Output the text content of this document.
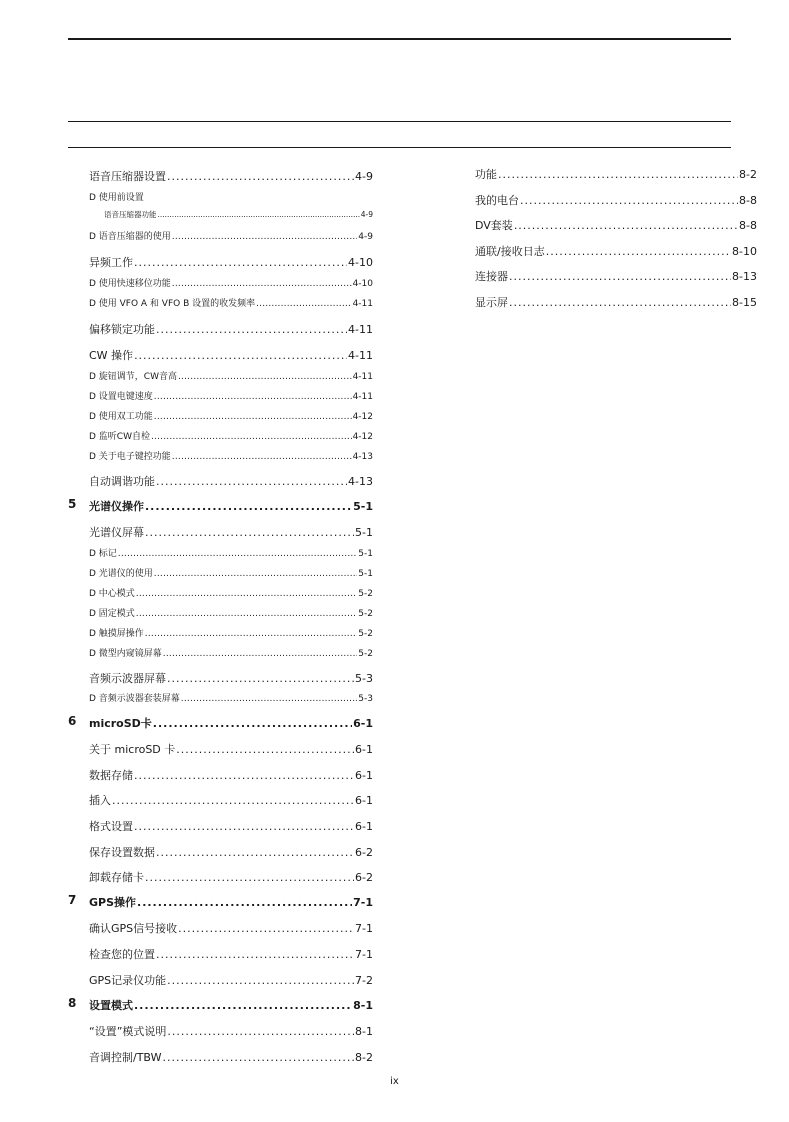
语音压缩器设置 .....	4-9
D 使用前设置
语音压缩器功能 .....	4-9
D 语音压缩器的使用 .....	4-9
异频工作 .....	4-10
D 使用快速移位功能 .....	4-10
D 使用 VFO A 和 VFO B 设置的收发频率 .....	4-11
偏移锁定功能 .....	4-11
CW 操作 .....	4-11
D 旋钮调节，CW音高 .....	4-11
D 设置电键速度 .....	4-11
D 使用双工功能 .....	4-12
D 监听CW自检 .....	4-12
D 关于电子键控功能 .....	4-13
自动调谐功能 .....	4-13
5 光谱仪操作 .....	5-1
光谱仪屏幕 .....	5-1
D 标记 .....	5-1
D 光谱仪的使用 .....	5-1
D 中心模式 .....	5-2
D 固定模式 .....	5-2
D 触摸屏操作 .....	5-2
D 微型内窥镜屏幕 .....	5-2
音频示波器屏幕 .....	5-3
D 音频示波器套装屏幕 .....	5-3
6 microSD卡 .....	6-1
关于 microSD 卡 .....	6-1
数据存储 .....	6-1
插入 .....	6-1
格式设置 .....	6-1
保存设置数据 .....	6-2
卸载存储卡 .....	6-2
7 GPS操作 .....	7-1
确认GPS信号接收 .....	7-1
检查您的位置 .....	7-1
GPS记录仪功能 .....	7-2
8 设置模式 .....	8-1
“设置”模式说明 .....	8-1
音调控制/TBW .....	8-2
功能 .....	8-2
我的电台 .....	8-8
DV套装 .....	8-8
通联/接收日志 .....	8-10
连接器 .....	8-13
显示屏 .....	8-15
ix
